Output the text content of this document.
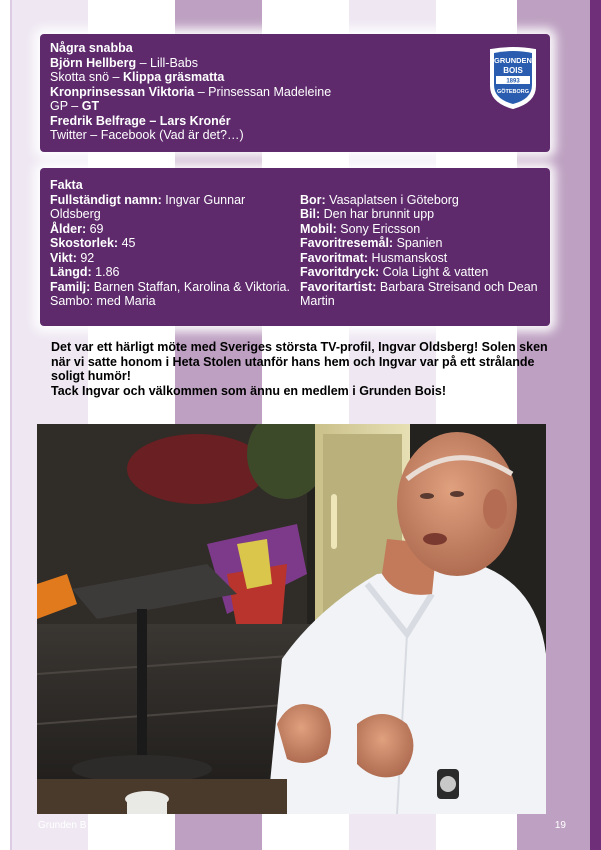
Några snabba
Björn Hellberg – Lill-Babs
Skotta snö – Klippa gräsmatta
Kronprinsessan Viktoria – Prinsessan Madeleine
GP – GT
Fredrik Belfrage – Lars Kronér
Twitter – Facebook (Vad är det?…)
GRUNDEN
BOIS
1893
GÖTEBORG
Fakta
Fullständigt namn: Ingvar Gunnar
Oldsberg
Ålder: 69
Skostorlek: 45
Vikt: 92
Längd: 1.86
Familj: Barnen Staffan, Karolina & Viktoria.
Sambo: med Maria
Bor: Vasaplatsen i Göteborg
Bil: Den har brunnit upp
Mobil: Sony Ericsson
Favoritresemål: Spanien
Favoritmat: Husmanskost
Favoritdryck: Cola Light & vatten
Favoritartist: Barbara Streisand och Dean
Martin
Det var ett härligt möte med Sveriges största TV-profil, Ingvar Oldsberg! Solen sken när vi satte honom i Heta Stolen utanför hans hem och Ingvar var på ett strålande soligt humör!
Tack Ingvar och välkommen som ännu en medlem i Grunden Bois!
Grunden B	19
